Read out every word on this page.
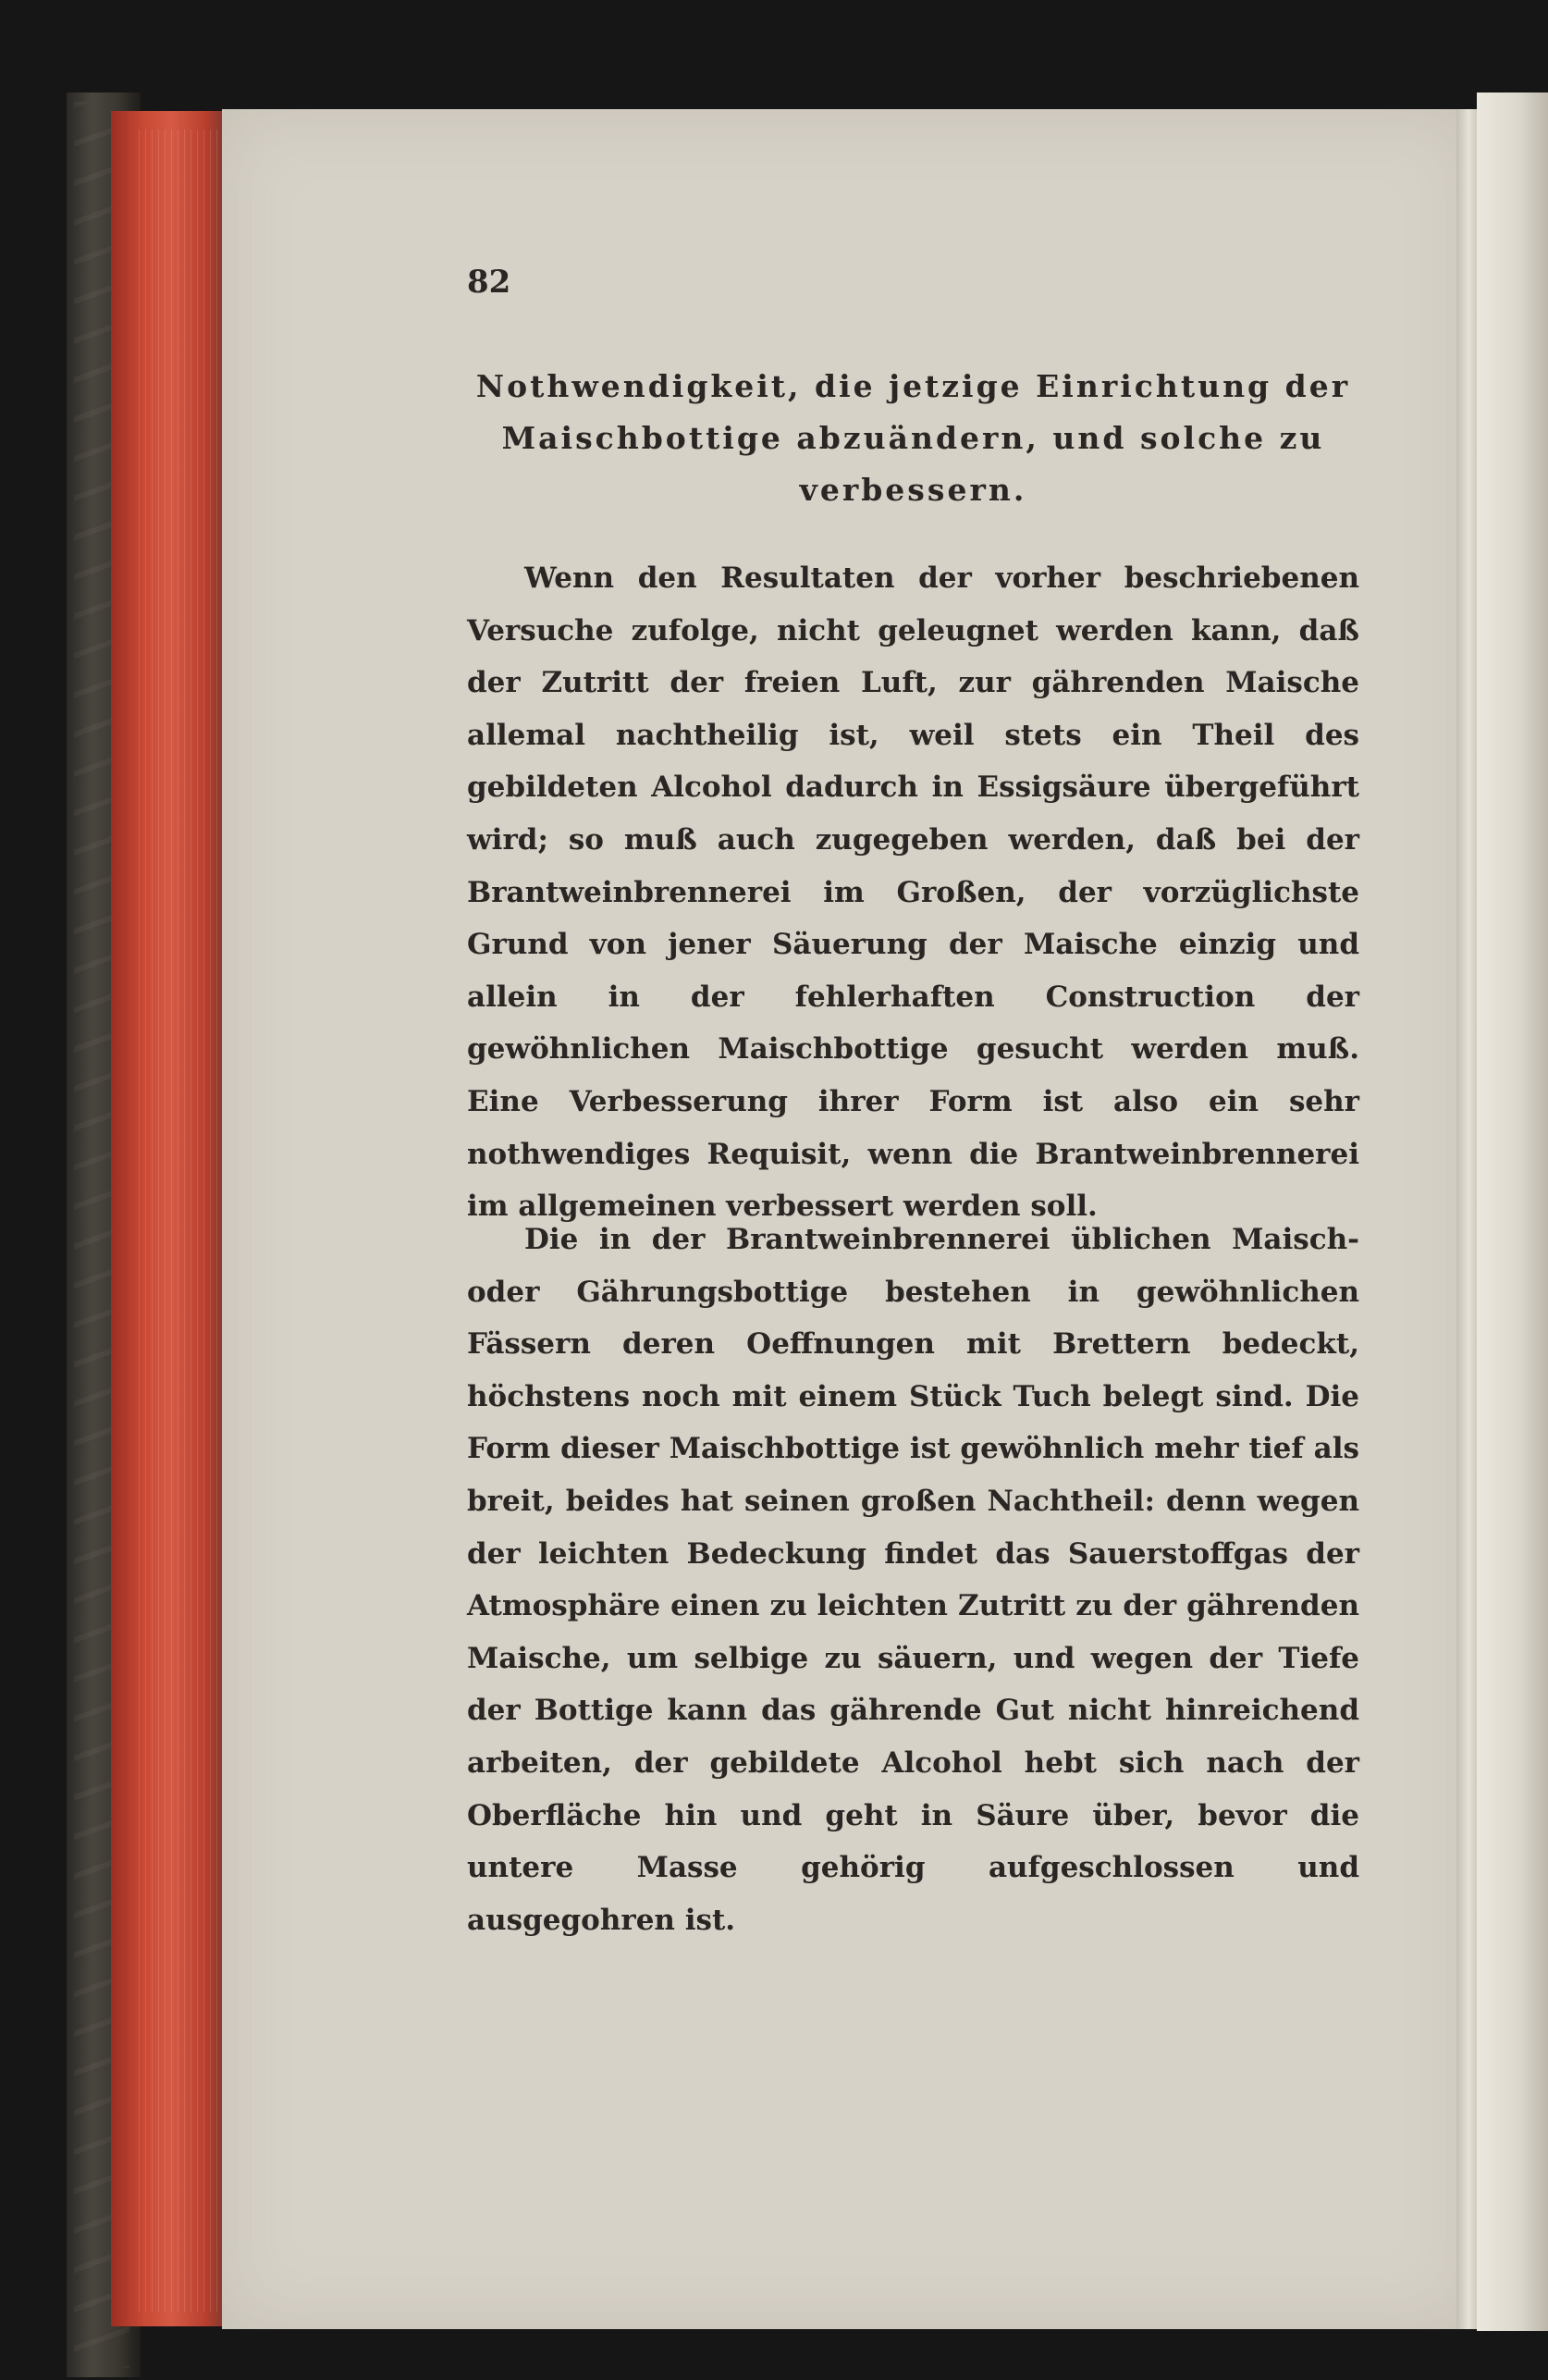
82
Nothwendigkeit, die jetzige Einrichtung der Maischbottige abzuändern, und solche zu verbessern.
Wenn den Resultaten der vorher beschriebenen Versuche zufolge, nicht geleugnet werden kann, daß der Zutritt der freien Luft, zur gährenden Maische allemal nachtheilig ist, weil stets ein Theil des gebildeten Alcohol dadurch in Essigsäure übergeführt wird; so muß auch zugegeben werden, daß bei der Brantweinbrennerei im Großen, der vorzüglichste Grund von jener Säuerung der Maische einzig und allein in der fehlerhaften Construction der gewöhnlichen Maischbottige gesucht werden muß. Eine Verbesserung ihrer Form ist also ein sehr nothwendiges Requisit, wenn die Brantweinbrennerei im allgemeinen verbessert werden soll.
Die in der Brantweinbrennerei üblichen Maisch- oder Gährungsbottige bestehen in gewöhnlichen Fässern deren Oeffnungen mit Brettern bedeckt, höchstens noch mit einem Stück Tuch belegt sind. Die Form dieser Maischbottige ist gewöhnlich mehr tief als breit, beides hat seinen großen Nachtheil: denn wegen der leichten Bedeckung findet das Sauerstoffgas der Atmosphäre einen zu leichten Zutritt zu der gährenden Maische, um selbige zu säuern, und wegen der Tiefe der Bottige kann das gährende Gut nicht hinreichend arbeiten, der gebildete Alcohol hebt sich nach der Oberfläche hin und geht in Säure über, bevor die untere Masse gehörig aufgeschlossen und ausgegohren ist.
